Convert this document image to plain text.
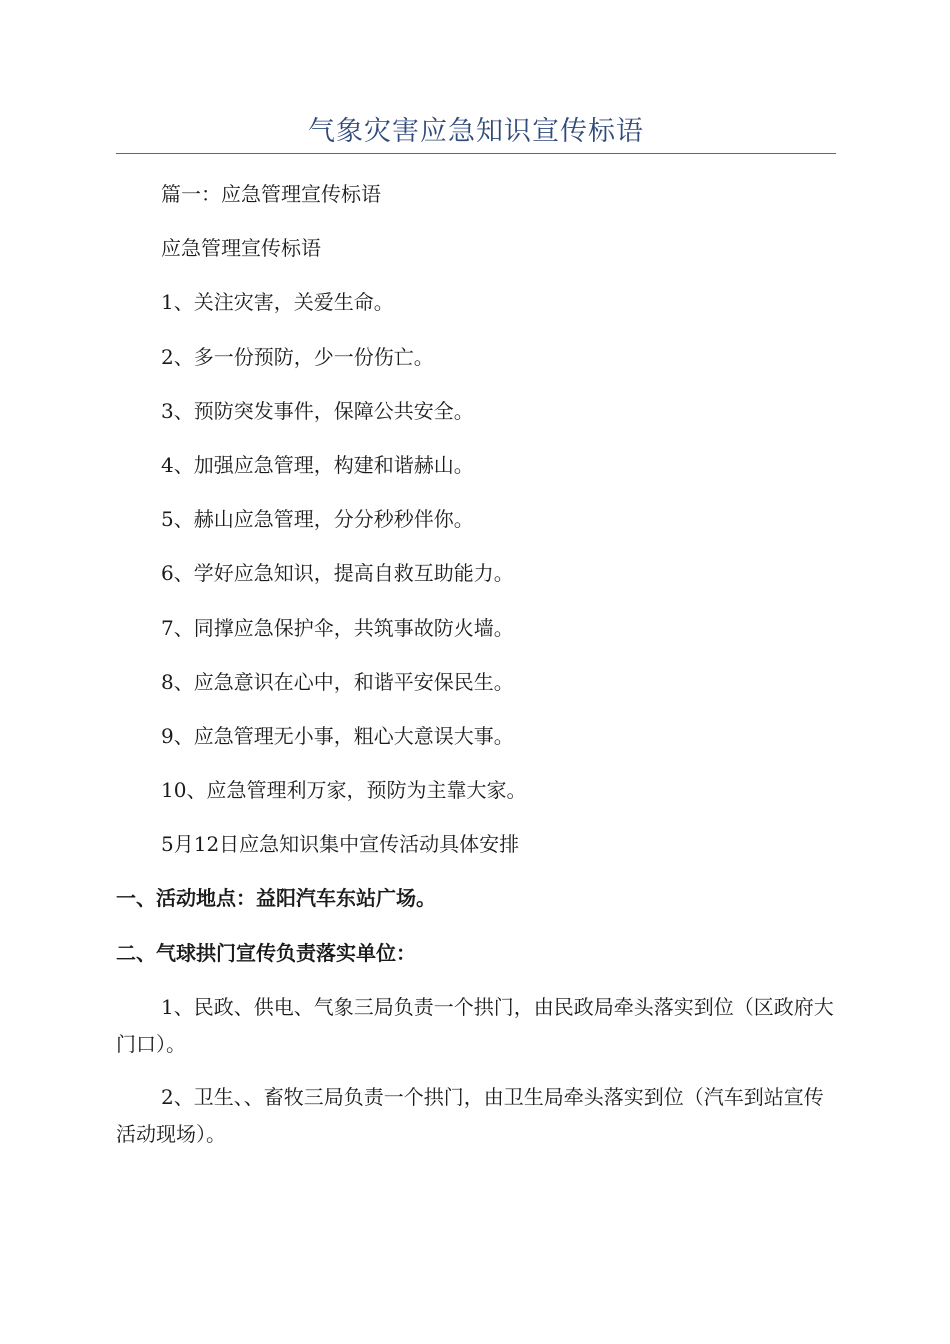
气象灾害应急知识宣传标语

篇一：应急管理宣传标语

应急管理宣传标语

1、关注灾害，关爱生命。

2、多一份预防，少一份伤亡。

3、预防突发事件，保障公共安全。

4、加强应急管理，构建和谐赫山。

5、赫山应急管理，分分秒秒伴你。

6、学好应急知识，提高自救互助能力。

7、同撑应急保护伞，共筑事故防火墙。

8、应急意识在心中，和谐平安保民生。

9、应急管理无小事，粗心大意误大事。

10、应急管理利万家，预防为主靠大家。

5月12日应急知识集中宣传活动具体安排

一、活动地点：益阳汽车东站广场。

二、气球拱门宣传负责落实单位：

1、民政、供电、气象三局负责一个拱门，由民政局牵头落实到位（区政府大门口）。

2、卫生、、畜牧三局负责一个拱门，由卫生局牵头落实到位（汽车到站宣传活动现场）。
